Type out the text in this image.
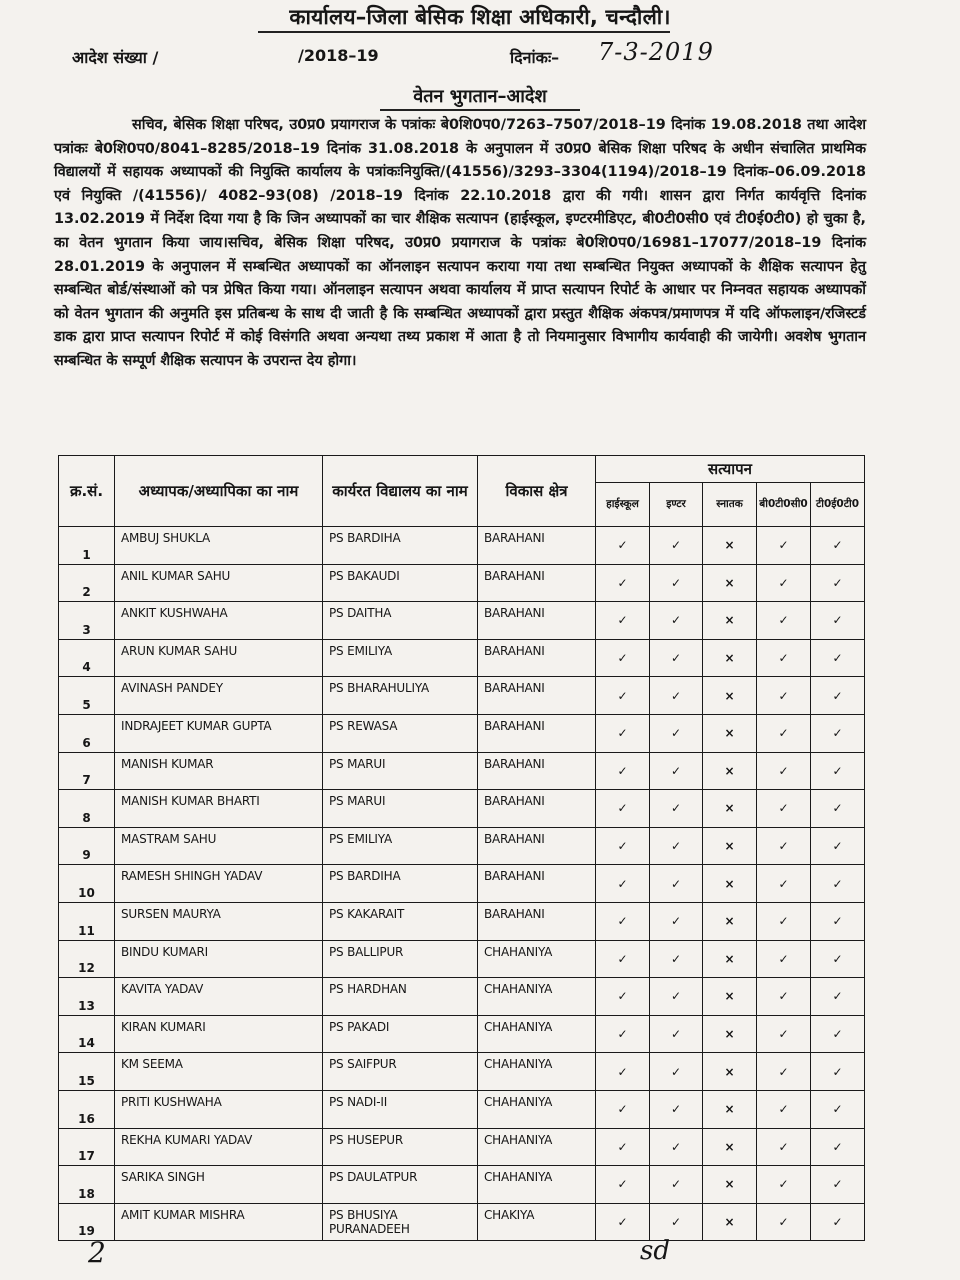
कार्यालय–जिला बेसिक शिक्षा अधिकारी, चन्दौली।
आदेश संख्या /	/2018–19	दिनांकः– 7-3-2019
वेतन भुगतान–आदेश
सचिव, बेसिक शिक्षा परिषद, उ0प्र0 प्रयागराज के पत्रांकः बे0शि0प0/7263–7507/2018–19 दिनांक 19.08.2018 तथा आदेश पत्रांकः बे0शि0प0/8041–8285/2018–19 दिनांक 31.08.2018 के अनुपालन में उ0प्र0 बेसिक शिक्षा परिषद के अधीन संचालित प्राथमिक विद्यालयों में सहायक अध्यापकों की नियुक्ति कार्यालय के पत्रांकःनियुक्ति/(41556)/3293–3304(1194)/2018–19 दिनांक–06.09.2018 एवं नियुक्ति /(41556)/ 4082–93(08) /2018–19 दिनांक 22.10.2018 द्वारा की गयी। शासन द्वारा निर्गत कार्यवृत्ति दिनांक 13.02.2019 में निर्देश दिया गया है कि जिन अध्यापकों का चार शैक्षिक सत्यापन (हाईस्कूल, इण्टरमीडिएट, बी0टी0सी0 एवं टी0ई0टी0) हो चुका है, का वेतन भुगतान किया जाय।सचिव, बेसिक शिक्षा परिषद, उ0प्र0 प्रयागराज के पत्रांकः बे0शि0प0/16981–17077/2018–19 दिनांक 28.01.2019 के अनुपालन में सम्बन्धित अध्यापकों का ऑनलाइन सत्यापन कराया गया तथा सम्बन्धित नियुक्त अध्यापकों के शैक्षिक सत्यापन हेतु सम्बन्धित बोर्ड/संस्थाओं को पत्र प्रेषित किया गया। ऑनलाइन सत्यापन अथवा कार्यालय में प्राप्त सत्यापन रिपोर्ट के आधार पर निम्नवत सहायक अध्यापकों को वेतन भुगतान की अनुमति इस प्रतिबन्ध के साथ दी जाती है कि सम्बन्धित अध्यापकों द्वारा प्रस्तुत शैक्षिक अंकपत्र/प्रमाणपत्र में यदि ऑफलाइन/रजिस्टर्ड डाक द्वारा प्राप्त सत्यापन रिपोर्ट में कोई विसंगति अथवा अन्यथा तथ्य प्रकाश में आता है तो नियमानुसार विभागीय कार्यवाही की जायेगी। अवशेष भुगतान सम्बन्धित के सम्पूर्ण शैक्षिक सत्यापन के उपरान्त देय होगा।
क्र.सं.	अध्यापक/अध्यापिका का नाम	कार्यरत विद्यालय का नाम	विकास क्षेत्र	सत्यापन				
				हाईस्कूल	इण्टर	स्नातक	बी0टी0सी0	टी0ई0टी0
1	AMBUJ SHUKLA	PS BARDIHA	BARAHANI	✓	✓	×	✓	✓
2	ANIL KUMAR SAHU	PS BAKAUDI	BARAHANI	✓	✓	×	✓	✓
3	ANKIT KUSHWAHA	PS DAITHA	BARAHANI	✓	✓	×	✓	✓
4	ARUN KUMAR SAHU	PS EMILIYA	BARAHANI	✓	✓	×	✓	✓
5	AVINASH PANDEY	PS BHARAHULIYA	BARAHANI	✓	✓	×	✓	✓
6	INDRAJEET KUMAR GUPTA	PS REWASA	BARAHANI	✓	✓	×	✓	✓
7	MANISH KUMAR	PS MARUI	BARAHANI	✓	✓	×	✓	✓
8	MANISH KUMAR BHARTI	PS MARUI	BARAHANI	✓	✓	×	✓	✓
9	MASTRAM SAHU	PS EMILIYA	BARAHANI	✓	✓	×	✓	✓
10	RAMESH SHINGH YADAV	PS BARDIHA	BARAHANI	✓	✓	×	✓	✓
11	SURSEN MAURYA	PS KAKARAIT	BARAHANI	✓	✓	×	✓	✓
12	BINDU KUMARI	PS BALLIPUR	CHAHANIYA	✓	✓	×	✓	✓
13	KAVITA YADAV	PS HARDHAN	CHAHANIYA	✓	✓	×	✓	✓
14	KIRAN KUMARI	PS PAKADI	CHAHANIYA	✓	✓	×	✓	✓
15	KM SEEMA	PS SAIFPUR	CHAHANIYA	✓	✓	×	✓	✓
16	PRITI KUSHWAHA	PS NADI-II	CHAHANIYA	✓	✓	×	✓	✓
17	REKHA KUMARI YADAV	PS HUSEPUR	CHAHANIYA	✓	✓	×	✓	✓
18	SARIKA SINGH	PS DAULATPUR	CHAHANIYA	✓	✓	×	✓	✓
19	AMIT KUMAR MISHRA	PS BHUSIYA PURANADEEH	CHAKIYA	✓	✓	×	✓	✓
2	sd
